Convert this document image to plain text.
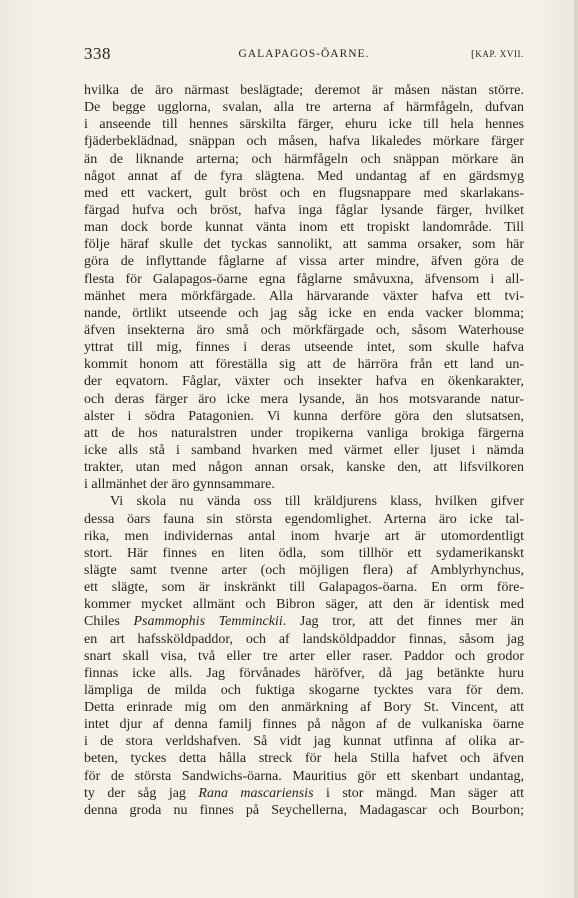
338	GALAPAGOS-ÖARNE.	[KAP. XVII.
hvilka de äro närmast beslägtade; deremot är måsen nästan större.
De begge ugglorna, svalan, alla tre arterna af härmfågeln, dufvan
i anseende till hennes särskilta färger, ehuru icke till hela hennes
fjäderbeklädnad, snäppan och måsen, hafva likaledes mörkare färger
än de liknande arterna; och härmfågeln och snäppan mörkare än
något annat af de fyra slägtena. Med undantag af en gärdsmyg
med ett vackert, gult bröst och en flugsnappare med skarlakans-
färgad hufva och bröst, hafva inga fåglar lysande färger, hvilket
man dock borde kunnat vänta inom ett tropiskt landområde. Till
följe häraf skulle det tyckas sannolikt, att samma orsaker, som här
göra de inflyttande fåglarne af vissa arter mindre, äfven göra de
flesta för Galapagos-öarne egna fåglarne småvuxna, äfvensom i all-
mänhet mera mörkfärgade. Alla härvarande växter hafva ett tvi-
nande, örtlikt utseende och jag såg icke en enda vacker blomma;
äfven insekterna äro små och mörkfärgade och, såsom Waterhouse
yttrat till mig, finnes i deras utseende intet, som skulle hafva
kommit honom att föreställa sig att de härröra från ett land un-
der eqvatorn. Fåglar, växter och insekter hafva en ökenkarakter,
och deras färger äro icke mera lysande, än hos motsvarande natur-
alster i södra Patagonien. Vi kunna derföre göra den slutsatsen,
att de hos naturalstren under tropikerna vanliga brokiga färgerna
icke alls stå i samband hvarken med värmet eller ljuset i nämda
trakter, utan med någon annan orsak, kanske den, att lifsvilkoren
i allmänhet der äro gynnsammare.
Vi skola nu vända oss till kräldjurens klass, hvilken gifver
dessa öars fauna sin största egendomlighet. Arterna äro icke tal-
rika, men individernas antal inom hvarje art är utomordentligt
stort. Här finnes en liten ödla, som tillhör ett sydamerikanskt
slägte samt tvenne arter (och möjligen flera) af Amblyrhynchus,
ett slägte, som är inskränkt till Galapagos-öarna. En orm före-
kommer mycket allmänt och Bibron säger, att den är identisk med
Chiles Psammophis Temminckii. Jag tror, att det finnes mer än
en art hafssköldpaddor, och af landsköldpaddor finnas, såsom jag
snart skall visa, två eller tre arter eller raser. Paddor och grodor
finnas icke alls. Jag förvånades häröfver, då jag betänkte huru
lämpliga de milda och fuktiga skogarne tycktes vara för dem.
Detta erinrade mig om den anmärkning af Bory St. Vincent, att
intet djur af denna familj finnes på någon af de vulkaniska öarne
i de stora verldshafven. Så vidt jag kunnat utfinna af olika ar-
beten, tyckes detta hålla streck för hela Stilla hafvet och äfven
för de största Sandwichs-öarna. Mauritius gör ett skenbart undantag,
ty der såg jag Rana mascariensis i stor mängd. Man säger att
denna groda nu finnes på Seychellerna, Madagascar och Bourbon;
